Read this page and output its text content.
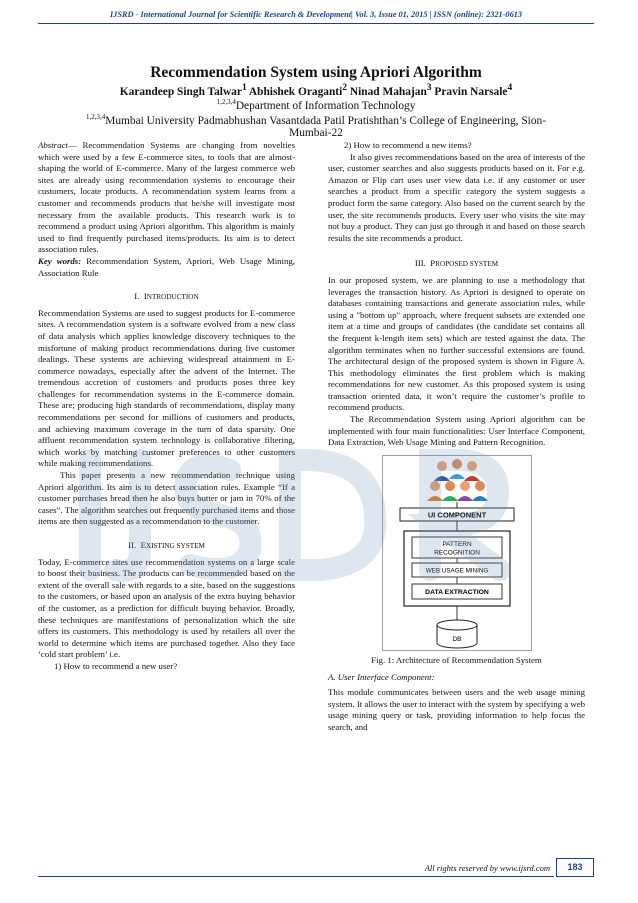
IJSRD - International Journal for Scientific Research & Development| Vol. 3, Issue 01, 2015 | ISSN (online): 2321-0613
Recommendation System using Apriori Algorithm
Karandeep Singh Talwar$^1$ Abhishek Oraganti$^2$ Ninad Mahajan$^3$ Pravin Narsale$^4$
$^{1,2,3,4}$Department of Information Technology
$^{1,2,3,4}$Mumbai University Padmabhushan Vasantdada Patil Pratishthan’s College of Engineering, Sion-
Mumbai-22

Abstract— Recommendation Systems are changing from novelties which were used by a few E-commerce sites, to tools that are almost-shaping the world of E-commerce. Many of the largest commerce web sites are already using recommendation systems to encourage their customers, locate products. A recommendation system learns from a customer and recommends products that he/she will investigate most necessary from the available products. This research work is to recommend a product using Apriori algorithm. This algorithm is mainly used to find frequently purchased items/products. Its aim is to detect association rules.

Key words: Recommendation System, Apriori, Web Usage Mining, Association Rule

I. INTRODUCTION

Recommendation Systems are used to suggest products for E-commerce sites. A recommendation system is a software evolved from a new class of data analysis which applies knowledge discovery techniques to the misfortune of making product recommendations during live customer dealings. These systems are achieving widespread attainment in E-commerce nowadays, especially after the advent of the Internet. The tremendous accretion of customers and products poses three key challenges for recommendation systems in the E-commerce domain. These are; producing high standards of recommendations, display many recommendations per second for millions of customers and products, and achieving maximum coverage in the turn of data sparsity. One affluent recommendation system technology is collaborative filtering, which works by matching customer preferences to other customers while making recommendations.

This paper presents a new recommendation technique using Apriori algorithm. Its aim is to detect association rules. Example “If a customer purchases bread then he also buys butter or jam in 70% of the cases”. The algorithm searches out frequently purchased items and those items are then suggested as a recommendation to the customer.

II. EXISTING SYSTEM

Today, E-commerce sites use recommendation systems on a large scale to boost their business. The products can be recommended based on the extent of the overall sale with regards to a site, based on the suggestions to the customers, or based upon an analysis of the extra buying behavior of the customer, as a prediction for difficult buying behavior. Broadly, these techniques are manifestations of personalization which the site offers its customers. This methodology is used by retailers all over the world to determine which items are purchased together. Also they face ‘cold start problem’ i.e.

1) How to recommend a new user?

2) How to recommend a new items?

It also gives recommendations based on the area of interests of the user, customer searches and also suggests products based on it. For e.g. Amazon or Flip cart uses user view data i.e. if any customer or user searches a product from a specific category the system suggests a product form the same category. Also based on the current search by the user, the site recommends products. Every user who visits the site may not buy a product. They can just go through it and based on those search results the site recommends a product.

III. PROPOSED SYSTEM

In our proposed system, we are planning to use a methodology that leverages the transaction history. As Apriori is designed to operate on databases containing transactions and generate association rules, while using a "bottom up" approach, where frequent subsets are extended one item at a time and groups of candidates (the candidate set contains all the frequent k-length item sets) which are tested against the data. The algorithm terminates when no further successful extensions are found. The architectural design of the proposed system is shown in Figure A. This methodology eliminates the first problem which is making recommendations for new customer. As this proposed system is using transaction oriented data, it won’t require the customer’s profile to recommend products.

The Recommendation System using Apriori algorithm can be implemented with four main functionalities: User Interface Component, Data Extraction, Web Usage Mining and Pattern Recognition.

UI COMPONENT
PATTERN
RECOGNITION
WEB USAGE MINING
DATA EXTRACTION
DB

Fig. 1: Architecture of Recommendation System

A. User Interface Component:

This module communicates between users and the web usage mining system. It allows the user to interact with the system by specifying a web usage mining query or task, providing information to help focus the search, and

All rights reserved by www.ijsrd.com	183
